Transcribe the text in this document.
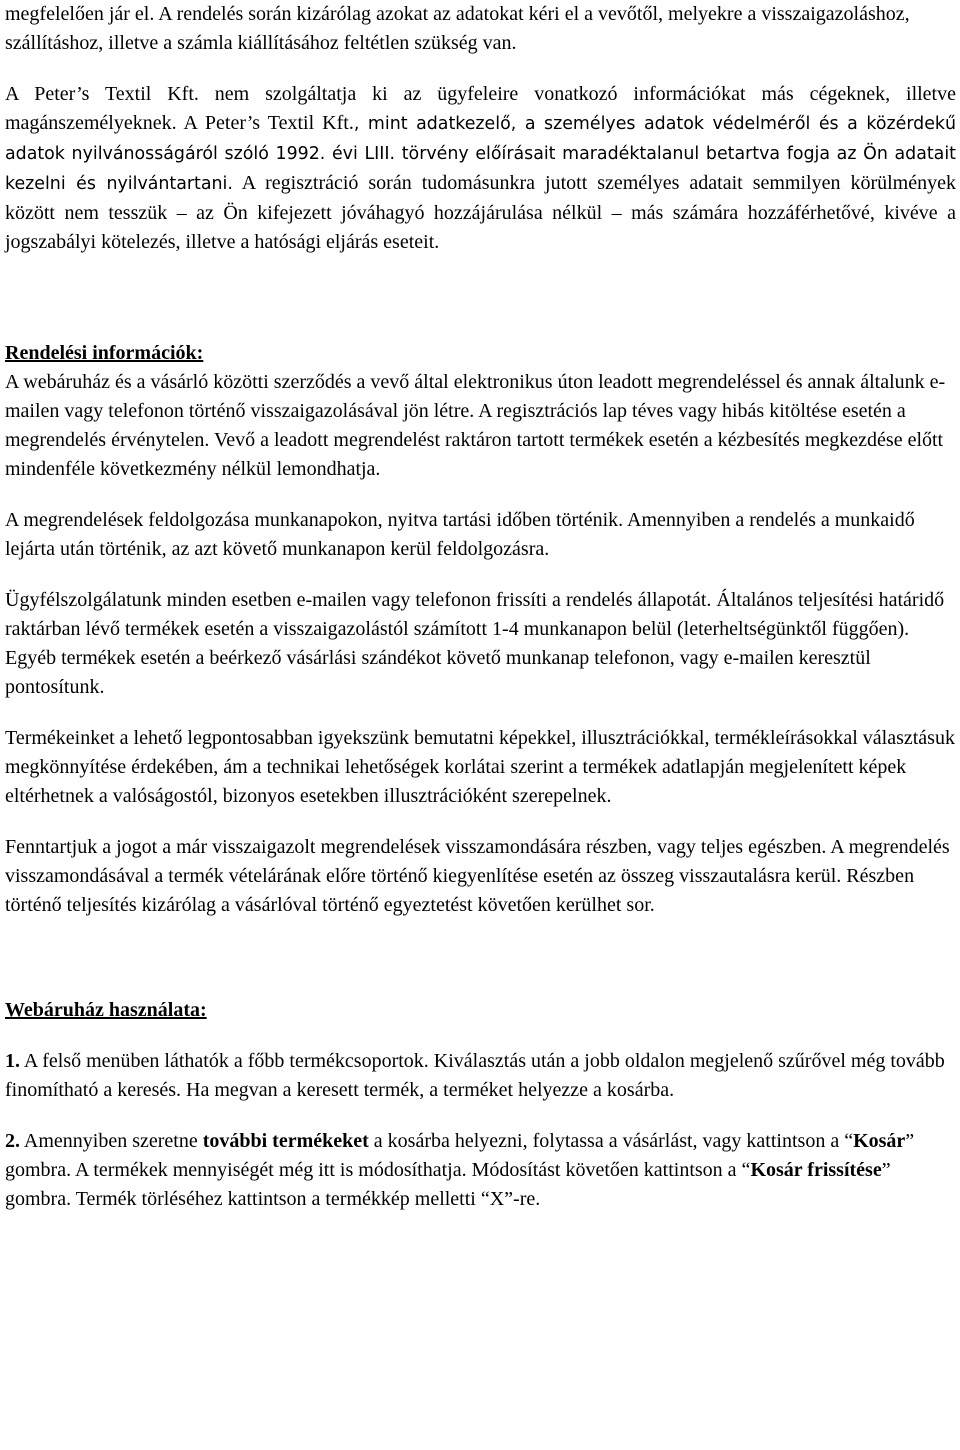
megfelelően jár el. A rendelés során kizárólag azokat az adatokat kéri el a vevőtől, melyekre a visszaigazoláshoz, szállításhoz, illetve a számla kiállításához feltétlen szükség van.

A Peter’s Textil Kft. nem szolgáltatja ki az ügyfeleire vonatkozó információkat más cégeknek, illetve magánszemélyeknek. A Peter’s Textil Kft., mint adatkezelő, a személyes adatok védelméről és a közérdekű adatok nyilvánosságáról szóló 1992. évi LIII. törvény előírásait maradéktalanul betartva fogja az Ön adatait kezelni és nyilvántartani. A regisztráció során tudomásunkra jutott személyes adatait semmilyen körülmények között nem tesszük – az Ön kifejezett jóváhagyó hozzájárulása nélkül – más számára hozzáférhetővé, kivéve a jogszabályi kötelezés, illetve a hatósági eljárás eseteit.

Rendelési információk:

A webáruház és a vásárló közötti szerződés a vevő által elektronikus úton leadott megrendeléssel és annak általunk e-mailen vagy telefonon történő visszaigazolásával jön létre. A regisztrációs lap téves vagy hibás kitöltése esetén a megrendelés érvénytelen. Vevő a leadott megrendelést raktáron tartott termékek esetén a kézbesítés megkezdése előtt mindenféle következmény nélkül lemondhatja.

A megrendelések feldolgozása munkanapokon, nyitva tartási időben történik. Amennyiben a rendelés a munkaidő lejárta után történik, az azt követő munkanapon kerül feldolgozásra.

Ügyfélszolgálatunk minden esetben e-mailen vagy telefonon frissíti a rendelés állapotát. Általános teljesítési határidő raktárban lévő termékek esetén a visszaigazolástól számított 1-4 munkanapon belül (leterheltségünktől függően). Egyéb termékek esetén a beérkező vásárlási szándékot követő munkanap telefonon, vagy e-mailen keresztül pontosítunk.

Termékeinket a lehető legpontosabban igyekszünk bemutatni képekkel, illusztrációkkal, termékleírásokkal választásuk megkönnyítése érdekében, ám a technikai lehetőségek korlátai szerint a termékek adatlapján megjelenített képek eltérhetnek a valóságostól, bizonyos esetekben illusztrációként szerepelnek.

Fenntartjuk a jogot a már visszaigazolt megrendelések visszamondására részben, vagy teljes egészben. A megrendelés visszamondásával a termék vételárának előre történő kiegyenlítése esetén az összeg visszautalásra kerül. Részben történő teljesítés kizárólag a vásárlóval történő egyeztetést követően kerülhet sor.

Webáruház használata:

1. A felső menüben láthatók a főbb termékcsoportok. Kiválasztás után a jobb oldalon megjelenő szűrővel még tovább finomítható a keresés. Ha megvan a keresett termék, a terméket helyezze a kosárba.

2. Amennyiben szeretne további termékeket a kosárba helyezni, folytassa a vásárlást, vagy kattintson a “Kosár” gombra. A termékek mennyiségét még itt is módosíthatja. Módosítást követően kattintson a “Kosár frissítése” gombra. Termék törléséhez kattintson a termékkép melletti “X”-re.
